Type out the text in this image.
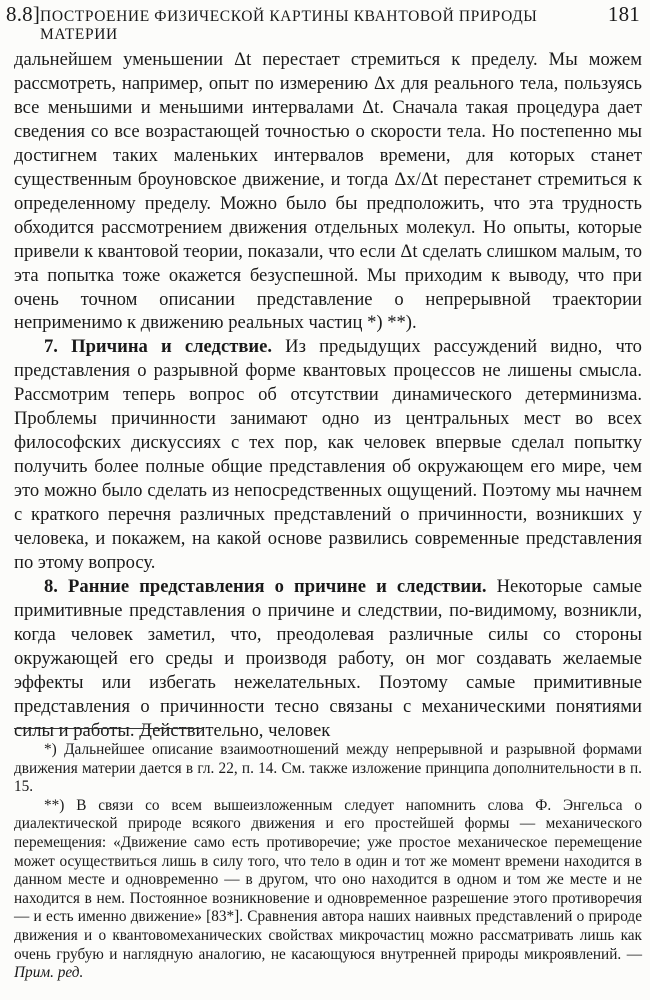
8.8] ПОСТРОЕНИЕ ФИЗИЧЕСКОЙ КАРТИНЫ КВАНТОВОЙ ПРИРОДЫ МАТЕРИИ
181

дальнейшем уменьшении Δt перестает стремиться к пределу. Мы можем рассмотреть, например, опыт по измерению Δx для реального тела, пользуясь все меньшими и меньшими интервалами Δt. Сначала такая процедура дает сведения со все возрастающей точностью о скорости тела. Но постепенно мы достигнем таких маленьких интервалов времени, для которых станет существенным броуновское движение, и тогда Δx/Δt перестанет стремиться к определенному пределу. Можно было бы предположить, что эта трудность обходится рассмотрением движения отдельных молекул. Но опыты, которые привели к квантовой теории, показали, что если Δt сделать слишком малым, то эта попытка тоже окажется безуспешной. Мы приходим к выводу, что при очень точном описании представление о непрерывной траектории неприменимо к движению реальных частиц *) **).

7. Причина и следствие. Из предыдущих рассуждений видно, что представления о разрывной форме квантовых процессов не лишены смысла. Рассмотрим теперь вопрос об отсутствии динамического детерминизма. Проблемы причинности занимают одно из центральных мест во всех философских дискуссиях с тех пор, как человек впервые сделал попытку получить более полные общие представления об окружающем его мире, чем это можно было сделать из непосредственных ощущений. Поэтому мы начнем с краткого перечня различных представлений о причинности, возникших у человека, и покажем, на какой основе развились современные представления по этому вопросу.

8. Ранние представления о причине и следствии. Некоторые самые примитивные представления о причине и следствии, по-видимому, возникли, когда человек заметил, что, преодолевая различные силы со стороны окружающей его среды и производя работу, он мог создавать желаемые эффекты или избегать нежелательных. Поэтому самые примитивные представления о причинности тесно связаны с механическими понятиями силы и работы. Действительно, человек

*) Дальнейшее описание взаимоотношений между непрерывной и разрывной формами движения материи дается в гл. 22, п. 14. См. также изложение принципа дополнительности в п. 15.

**) В связи со всем вышеизложенным следует напомнить слова Ф. Энгельса о диалектической природе всякого движения и его простейшей формы — механического перемещения: «Движение само есть противоречие; уже простое механическое перемещение может осуществиться лишь в силу того, что тело в один и тот же момент времени находится в данном месте и одновременно — в другом, что оно находится в одном и том же месте и не находится в нем. Постоянное возникновение и одновременное разрешение этого противоречия — и есть именно движение» [83*]. Сравнения автора наших наивных представлений о природе движения и о квантовомеханических свойствах микрочастиц можно рассматривать лишь как очень грубую и наглядную аналогию, не касающуюся внутренней природы микроявлений. — Прим. ред.
